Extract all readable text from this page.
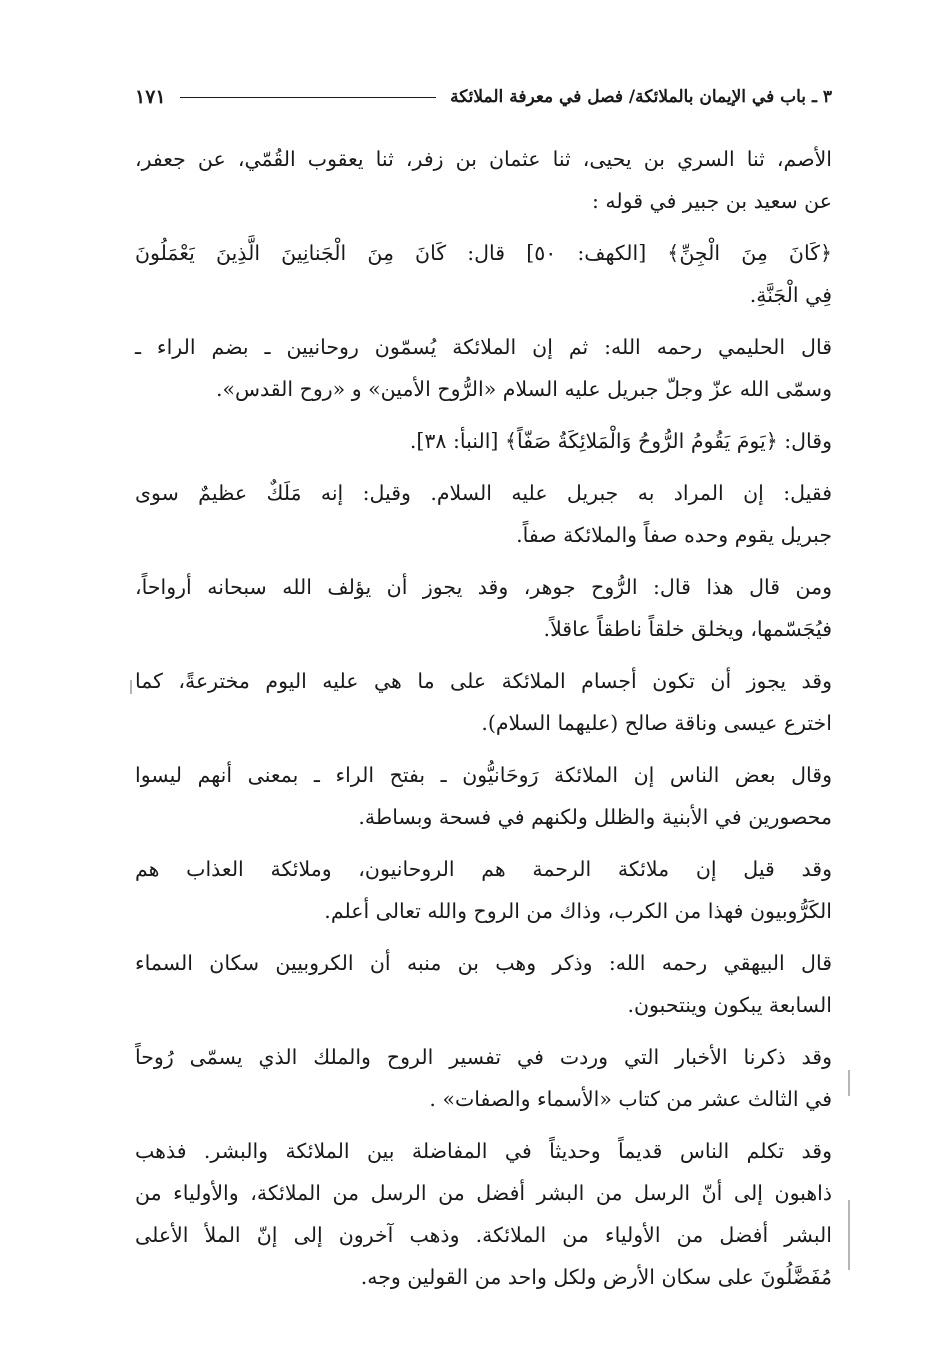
٣ ـ باب في الإيمان بالملائكة/ فصل في معرفة الملائكة
١٧١
الأصم، ثنا السري بن يحيى، ثنا عثمان بن زفر، ثنا يعقوب القُمّي، عن جعفر،
عن سعيد بن جبير في قوله :
﴿كَانَ مِنَ الْجِنِّ﴾ [الكهف: ٥٠] قال: كَانَ مِنَ الْجَنانِينَ الَّذِينَ يَعْمَلُونَ
فِي الْجَنَّةِ.
قال الحليمي رحمه الله: ثم إن الملائكة يُسمّون روحانيين ـ بضم الراء ـ
وسمّى الله عزّ وجلّ جبريل عليه السلام «الرُّوح الأمين» و «روح القدس».
وقال: ﴿يَومَ يَقُومُ الرُّوحُ وَالْمَلائِكَةُ صَفّاً﴾ [النبأ: ٣٨].
فقيل: إن المراد به جبريل عليه السلام. وقيل: إنه مَلَكٌ عظيمٌ سوى
جبريل يقوم وحده صفاً والملائكة صفاً.
ومن قال هذا قال: الرُّوح جوهر، وقد يجوز أن يؤلف الله سبحانه أرواحاً،
فيُجَسّمها، ويخلق خلقاً ناطقاً عاقلاً.
وقد يجوز أن تكون أجسام الملائكة على ما هي عليه اليوم مخترعةً، كما
اخترع عيسى وناقة صالح (عليهما السلام).
وقال بعض الناس إن الملائكة رَوحَانيُّون ـ بفتح الراء ـ بمعنى أنهم ليسوا
محصورين في الأبنية والظلل ولكنهم في فسحة وبساطة.
وقد قيل إن ملائكة الرحمة هم الروحانيون، وملائكة العذاب هم
الكَرُّوبيون فهذا من الكرب، وذاك من الروح والله تعالى أعلم.
قال البيهقي رحمه الله: وذكر وهب بن منبه أن الكروبيين سكان السماء
السابعة يبكون وينتحبون.
وقد ذكرنا الأخبار التي وردت في تفسير الروح والملك الذي يسمّى رُوحاً
في الثالث عشر من كتاب «الأسماء والصفات» .
وقد تكلم الناس قديماً وحديثاً في المفاضلة بين الملائكة والبشر. فذهب
ذاهبون إلى أنّ الرسل من البشر أفضل من الرسل من الملائكة، والأولياء من
البشر أفضل من الأولياء من الملائكة. وذهب آخرون إلى إنّ الملأ الأعلى
مُفَضَّلُونَ على سكان الأرض ولكل واحد من القولين وجه.
